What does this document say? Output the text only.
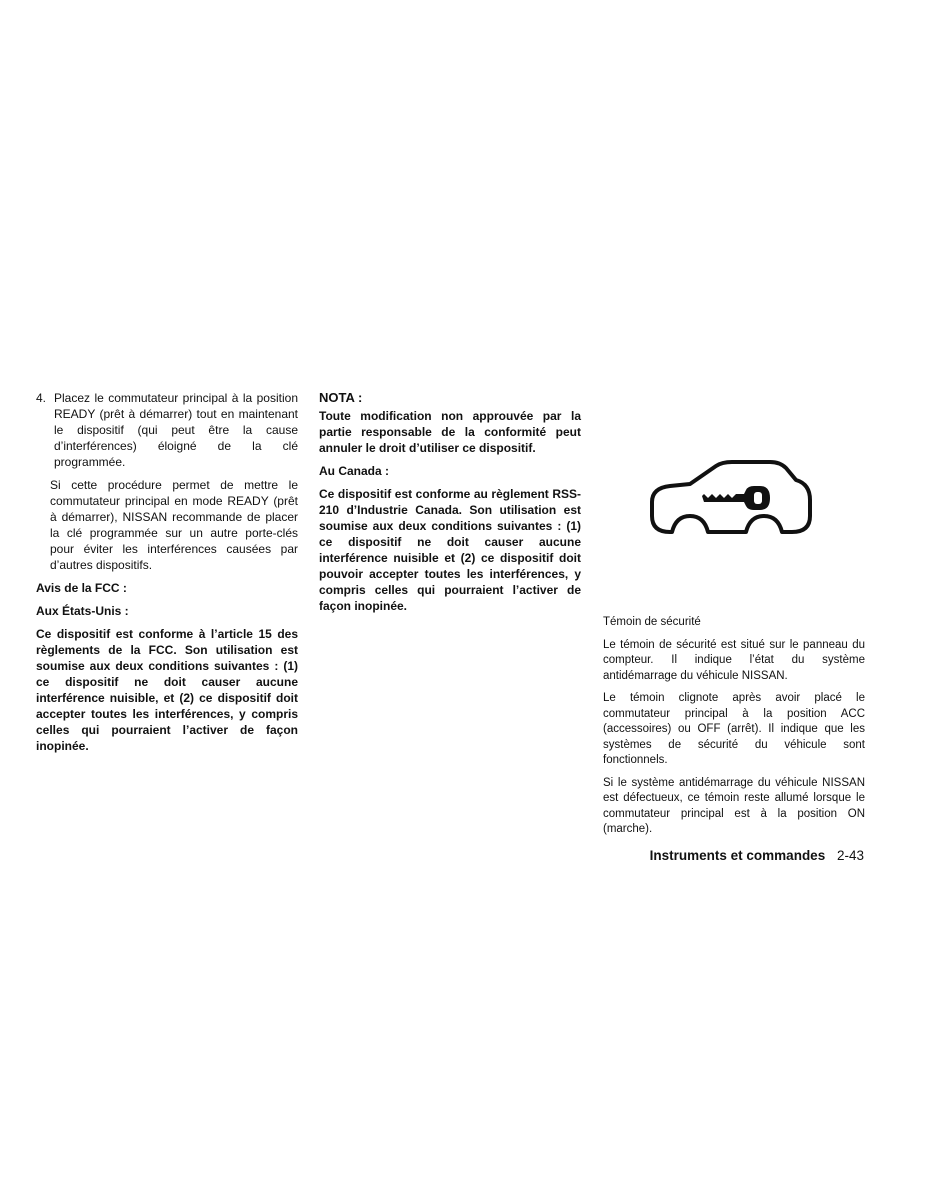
4. Placez le commutateur principal à la position READY (prêt à démarrer) tout en maintenant le dispositif (qui peut être la cause d’interférences) éloigné de la clé programmée.

Si cette procédure permet de mettre le commutateur principal en mode READY (prêt à démarrer), NISSAN recommande de placer la clé programmée sur un autre porte-clés pour éviter les interférences causées par d’autres dispositifs.

Avis de la FCC :

Aux États-Unis :

Ce dispositif est conforme à l’article 15 des règlements de la FCC. Son utilisation est soumise aux deux conditions suivantes : (1) ce dispositif ne doit causer aucune interférence nuisible, et (2) ce dispositif doit accepter toutes les interférences, y compris celles qui pourraient l’activer de façon inopinée.

NOTA :

Toute modification non approuvée par la partie responsable de la conformité peut annuler le droit d’utiliser ce dispositif.

Au Canada :

Ce dispositif est conforme au règlement RSS-210 d’Industrie Canada. Son utilisation est soumise aux deux conditions suivantes : (1) ce dispositif ne doit causer aucune interférence nuisible et (2) ce dispositif doit pouvoir accepter toutes les interférences, y compris celles qui pourraient l’activer de façon inopinée.

Témoin de sécurité

Le témoin de sécurité est situé sur le panneau du compteur. Il indique l’état du système antidémarrage du véhicule NISSAN.

Le témoin clignote après avoir placé le commutateur principal à la position ACC (accessoires) ou OFF (arrêt). Il indique que les systèmes de sécurité du véhicule sont fonctionnels.

Si le système antidémarrage du véhicule NISSAN est défectueux, ce témoin reste allumé lorsque le commutateur principal est à la position ON (marche).

Instruments et commandes 2-43
